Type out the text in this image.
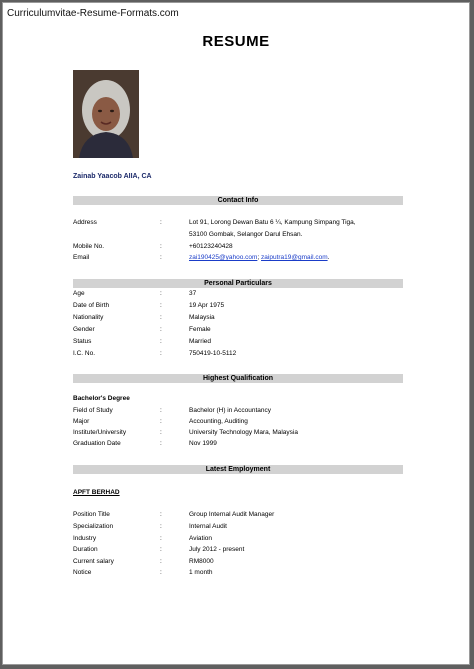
Curriculumvitae-Resume-Formats.com
RESUME
Zainab Yaacob AIIA, CA
Contact Info
Address	:	Lot 91, Lorong Dewan Batu 6 ¼, Kampung Simpang Tiga,
53100 Gombak, Selangor Darul Ehsan.
Mobile No.	:	+60123240428
Email	:	zai190425@yahoo.com; zaiputra19@gmail.com.
Personal Particulars
Age	:	37
Date of Birth	:	19 Apr 1975
Nationality	:	Malaysia
Gender	:	Female
Status	:	Married
I.C. No.	:	750419-10-5112
Highest Qualification
Bachelor's Degree
Field of Study	:	Bachelor (H) in Accountancy
Major	:	Accounting, Auditing
Institute/University	:	University Technology Mara, Malaysia
Graduation Date	:	Nov 1999
Latest Employment
APFT BERHAD
Position Title	:	Group Internal Audit Manager
Specialization	:	Internal Audit
Industry	:	Aviation
Duration	:	July 2012 - present
Current salary	:	RM8000
Notice	:	1 month
